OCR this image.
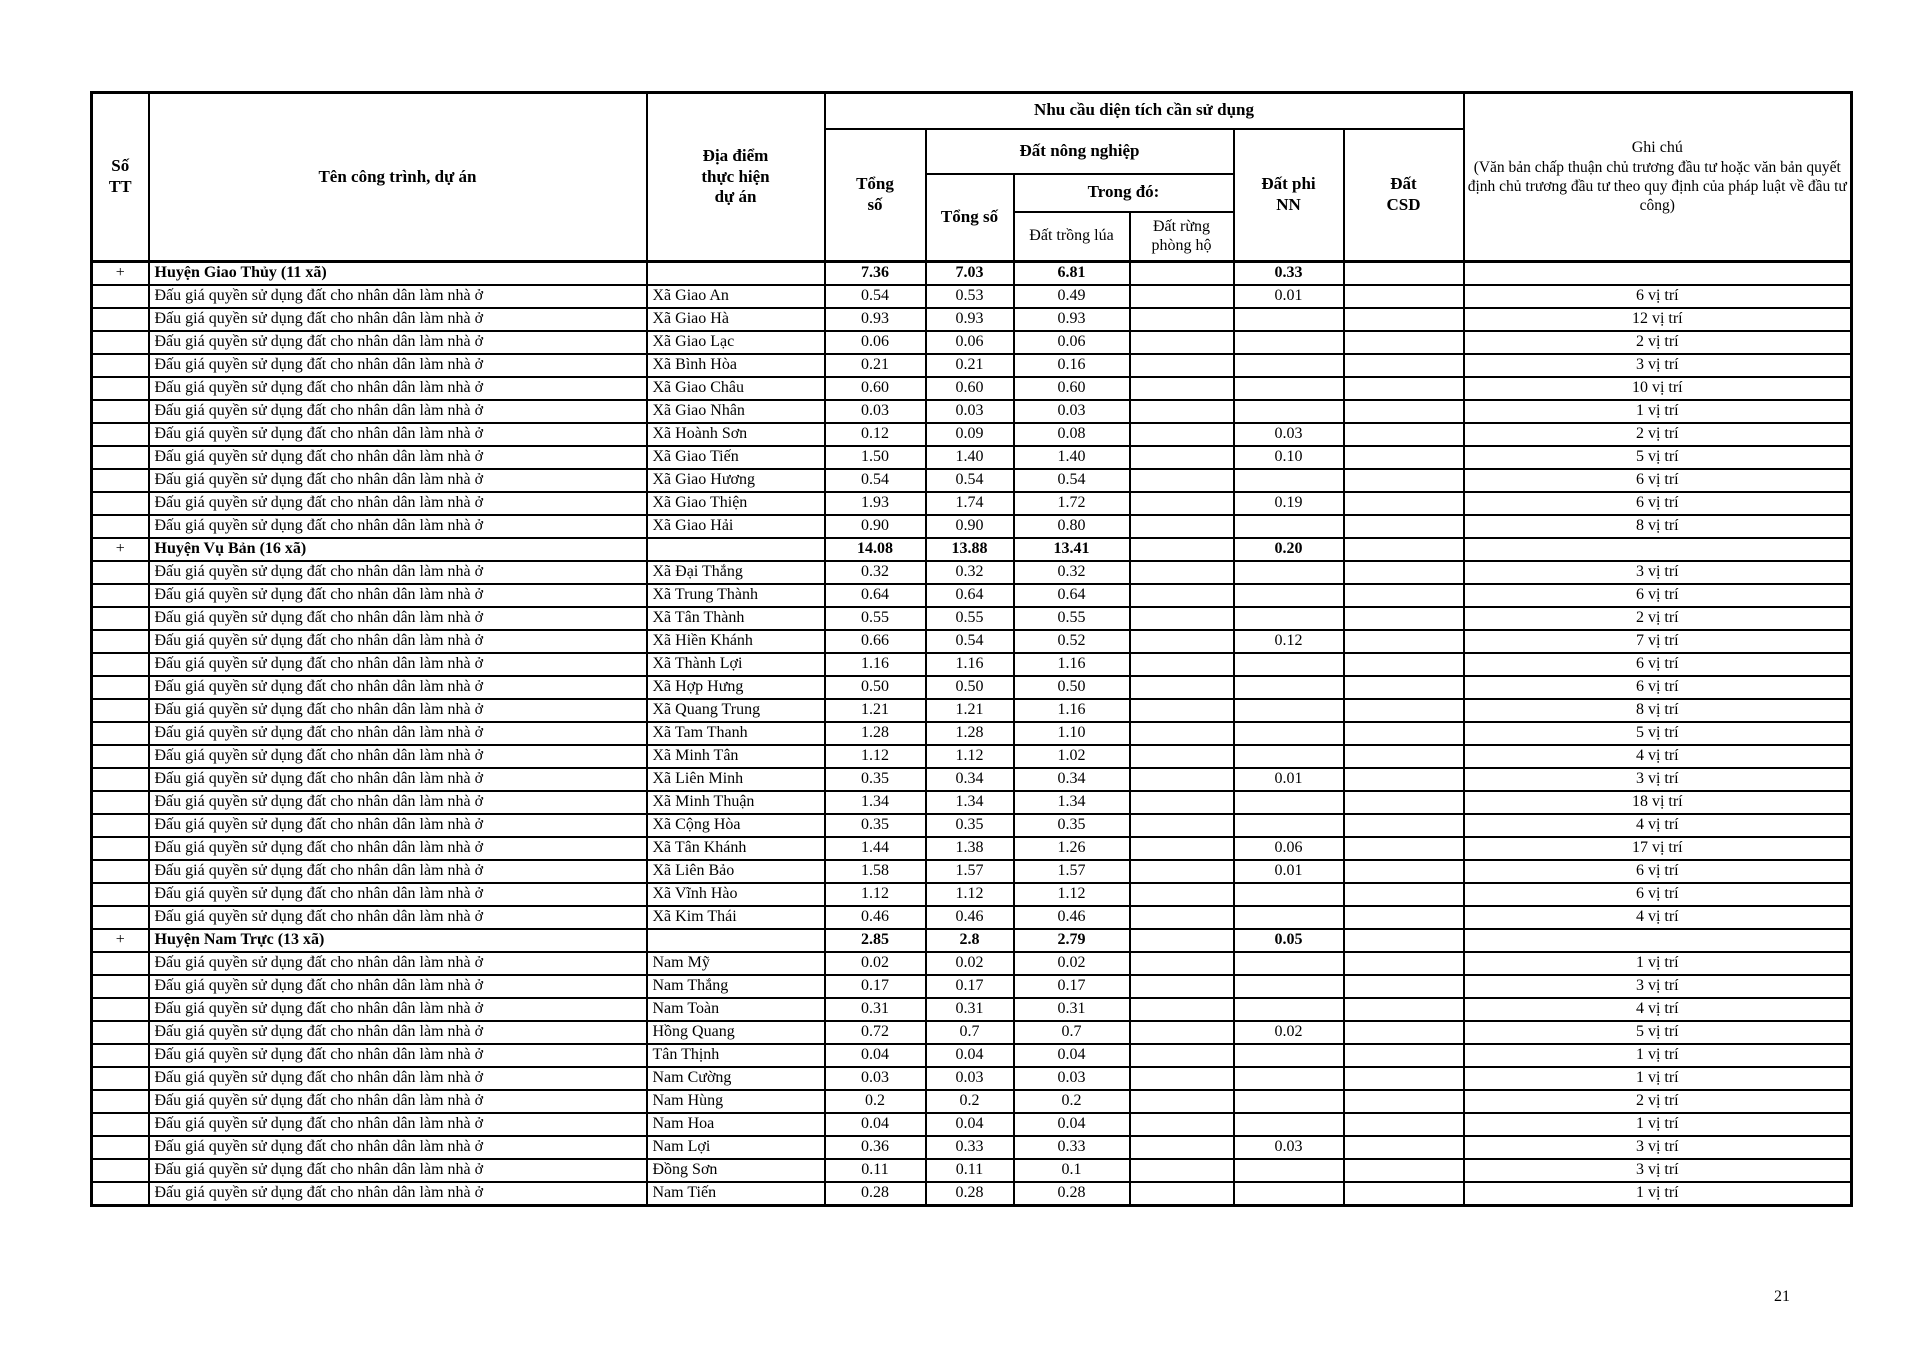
Số TT	Tên công trình, dự án	Địa điểm thực hiện dự án	Nhu cầu diện tích cần sử dụng						Ghi chú
(Văn bản chấp thuận chủ trương đầu tư hoặc văn bản quyết định chủ trương đầu tư theo quy định của pháp luật về đầu tư công)

			Tổng số	Đất nông nghiệp			Đất phi NN	Đất CSD	

				Tổng số	Trong đó:				
					Đất trồng lúa	Đất rừng phòng hộ			
+	Huyện Giao Thủy (11 xã)		7.36	7.03	6.81		0.33		
	Đấu giá quyền sử dụng đất cho nhân dân làm nhà ở	Xã Giao An	0.54	0.53	0.49		0.01		6 vị trí
	Đấu giá quyền sử dụng đất cho nhân dân làm nhà ở	Xã Giao Hà	0.93	0.93	0.93				12 vị trí
	Đấu giá quyền sử dụng đất cho nhân dân làm nhà ở	Xã Giao Lạc	0.06	0.06	0.06				2 vị trí
	Đấu giá quyền sử dụng đất cho nhân dân làm nhà ở	Xã Bình Hòa	0.21	0.21	0.16				3 vị trí
	Đấu giá quyền sử dụng đất cho nhân dân làm nhà ở	Xã Giao Châu	0.60	0.60	0.60				10 vị trí
	Đấu giá quyền sử dụng đất cho nhân dân làm nhà ở	Xã Giao Nhân	0.03	0.03	0.03				1 vị trí
	Đấu giá quyền sử dụng đất cho nhân dân làm nhà ở	Xã Hoành Sơn	0.12	0.09	0.08		0.03		2 vị trí
	Đấu giá quyền sử dụng đất cho nhân dân làm nhà ở	Xã Giao Tiến	1.50	1.40	1.40		0.10		5 vị trí
	Đấu giá quyền sử dụng đất cho nhân dân làm nhà ở	Xã Giao Hương	0.54	0.54	0.54				6 vị trí
	Đấu giá quyền sử dụng đất cho nhân dân làm nhà ở	Xã Giao Thiện	1.93	1.74	1.72		0.19		6 vị trí
	Đấu giá quyền sử dụng đất cho nhân dân làm nhà ở	Xã Giao Hải	0.90	0.90	0.80				8 vị trí
+	Huyện Vụ Bản (16 xã)		14.08	13.88	13.41		0.20		
	Đấu giá quyền sử dụng đất cho nhân dân làm nhà ở	Xã Đại Thắng	0.32	0.32	0.32				3 vị trí
	Đấu giá quyền sử dụng đất cho nhân dân làm nhà ở	Xã Trung Thành	0.64	0.64	0.64				6 vị trí
	Đấu giá quyền sử dụng đất cho nhân dân làm nhà ở	Xã Tân Thành	0.55	0.55	0.55				2 vị trí
	Đấu giá quyền sử dụng đất cho nhân dân làm nhà ở	Xã Hiền Khánh	0.66	0.54	0.52		0.12		7 vị trí
	Đấu giá quyền sử dụng đất cho nhân dân làm nhà ở	Xã Thành Lợi	1.16	1.16	1.16				6 vị trí
	Đấu giá quyền sử dụng đất cho nhân dân làm nhà ở	Xã Hợp Hưng	0.50	0.50	0.50				6 vị trí
	Đấu giá quyền sử dụng đất cho nhân dân làm nhà ở	Xã Quang Trung	1.21	1.21	1.16				8 vị trí
	Đấu giá quyền sử dụng đất cho nhân dân làm nhà ở	Xã Tam Thanh	1.28	1.28	1.10				5 vị trí
	Đấu giá quyền sử dụng đất cho nhân dân làm nhà ở	Xã Minh Tân	1.12	1.12	1.02				4 vị trí
	Đấu giá quyền sử dụng đất cho nhân dân làm nhà ở	Xã Liên Minh	0.35	0.34	0.34		0.01		3 vị trí
	Đấu giá quyền sử dụng đất cho nhân dân làm nhà ở	Xã Minh Thuận	1.34	1.34	1.34				18 vị trí
	Đấu giá quyền sử dụng đất cho nhân dân làm nhà ở	Xã Cộng Hòa	0.35	0.35	0.35				4 vị trí
	Đấu giá quyền sử dụng đất cho nhân dân làm nhà ở	Xã Tân Khánh	1.44	1.38	1.26		0.06		17 vị trí
	Đấu giá quyền sử dụng đất cho nhân dân làm nhà ở	Xã Liên Bảo	1.58	1.57	1.57		0.01		6 vị trí
	Đấu giá quyền sử dụng đất cho nhân dân làm nhà ở	Xã Vĩnh Hào	1.12	1.12	1.12				6 vị trí
	Đấu giá quyền sử dụng đất cho nhân dân làm nhà ở	Xã Kim Thái	0.46	0.46	0.46				4 vị trí
+	Huyện Nam Trực (13 xã)		2.85	2.8	2.79		0.05		
	Đấu giá quyền sử dụng đất cho nhân dân làm nhà ở	Nam Mỹ	0.02	0.02	0.02				1 vị trí
	Đấu giá quyền sử dụng đất cho nhân dân làm nhà ở	Nam Thắng	0.17	0.17	0.17				3 vị trí
	Đấu giá quyền sử dụng đất cho nhân dân làm nhà ở	Nam Toàn	0.31	0.31	0.31				4 vị trí
	Đấu giá quyền sử dụng đất cho nhân dân làm nhà ở	Hồng Quang	0.72	0.7	0.7		0.02		5 vị trí
	Đấu giá quyền sử dụng đất cho nhân dân làm nhà ở	Tân Thịnh	0.04	0.04	0.04				1 vị trí
	Đấu giá quyền sử dụng đất cho nhân dân làm nhà ở	Nam Cường	0.03	0.03	0.03				1 vị trí
	Đấu giá quyền sử dụng đất cho nhân dân làm nhà ở	Nam Hùng	0.2	0.2	0.2				2 vị trí
	Đấu giá quyền sử dụng đất cho nhân dân làm nhà ở	Nam Hoa	0.04	0.04	0.04				1 vị trí
	Đấu giá quyền sử dụng đất cho nhân dân làm nhà ở	Nam Lợi	0.36	0.33	0.33		0.03		3 vị trí
	Đấu giá quyền sử dụng đất cho nhân dân làm nhà ở	Đồng Sơn	0.11	0.11	0.1				3 vị trí
	Đấu giá quyền sử dụng đất cho nhân dân làm nhà ở	Nam Tiến	0.28	0.28	0.28				1 vị trí
21
